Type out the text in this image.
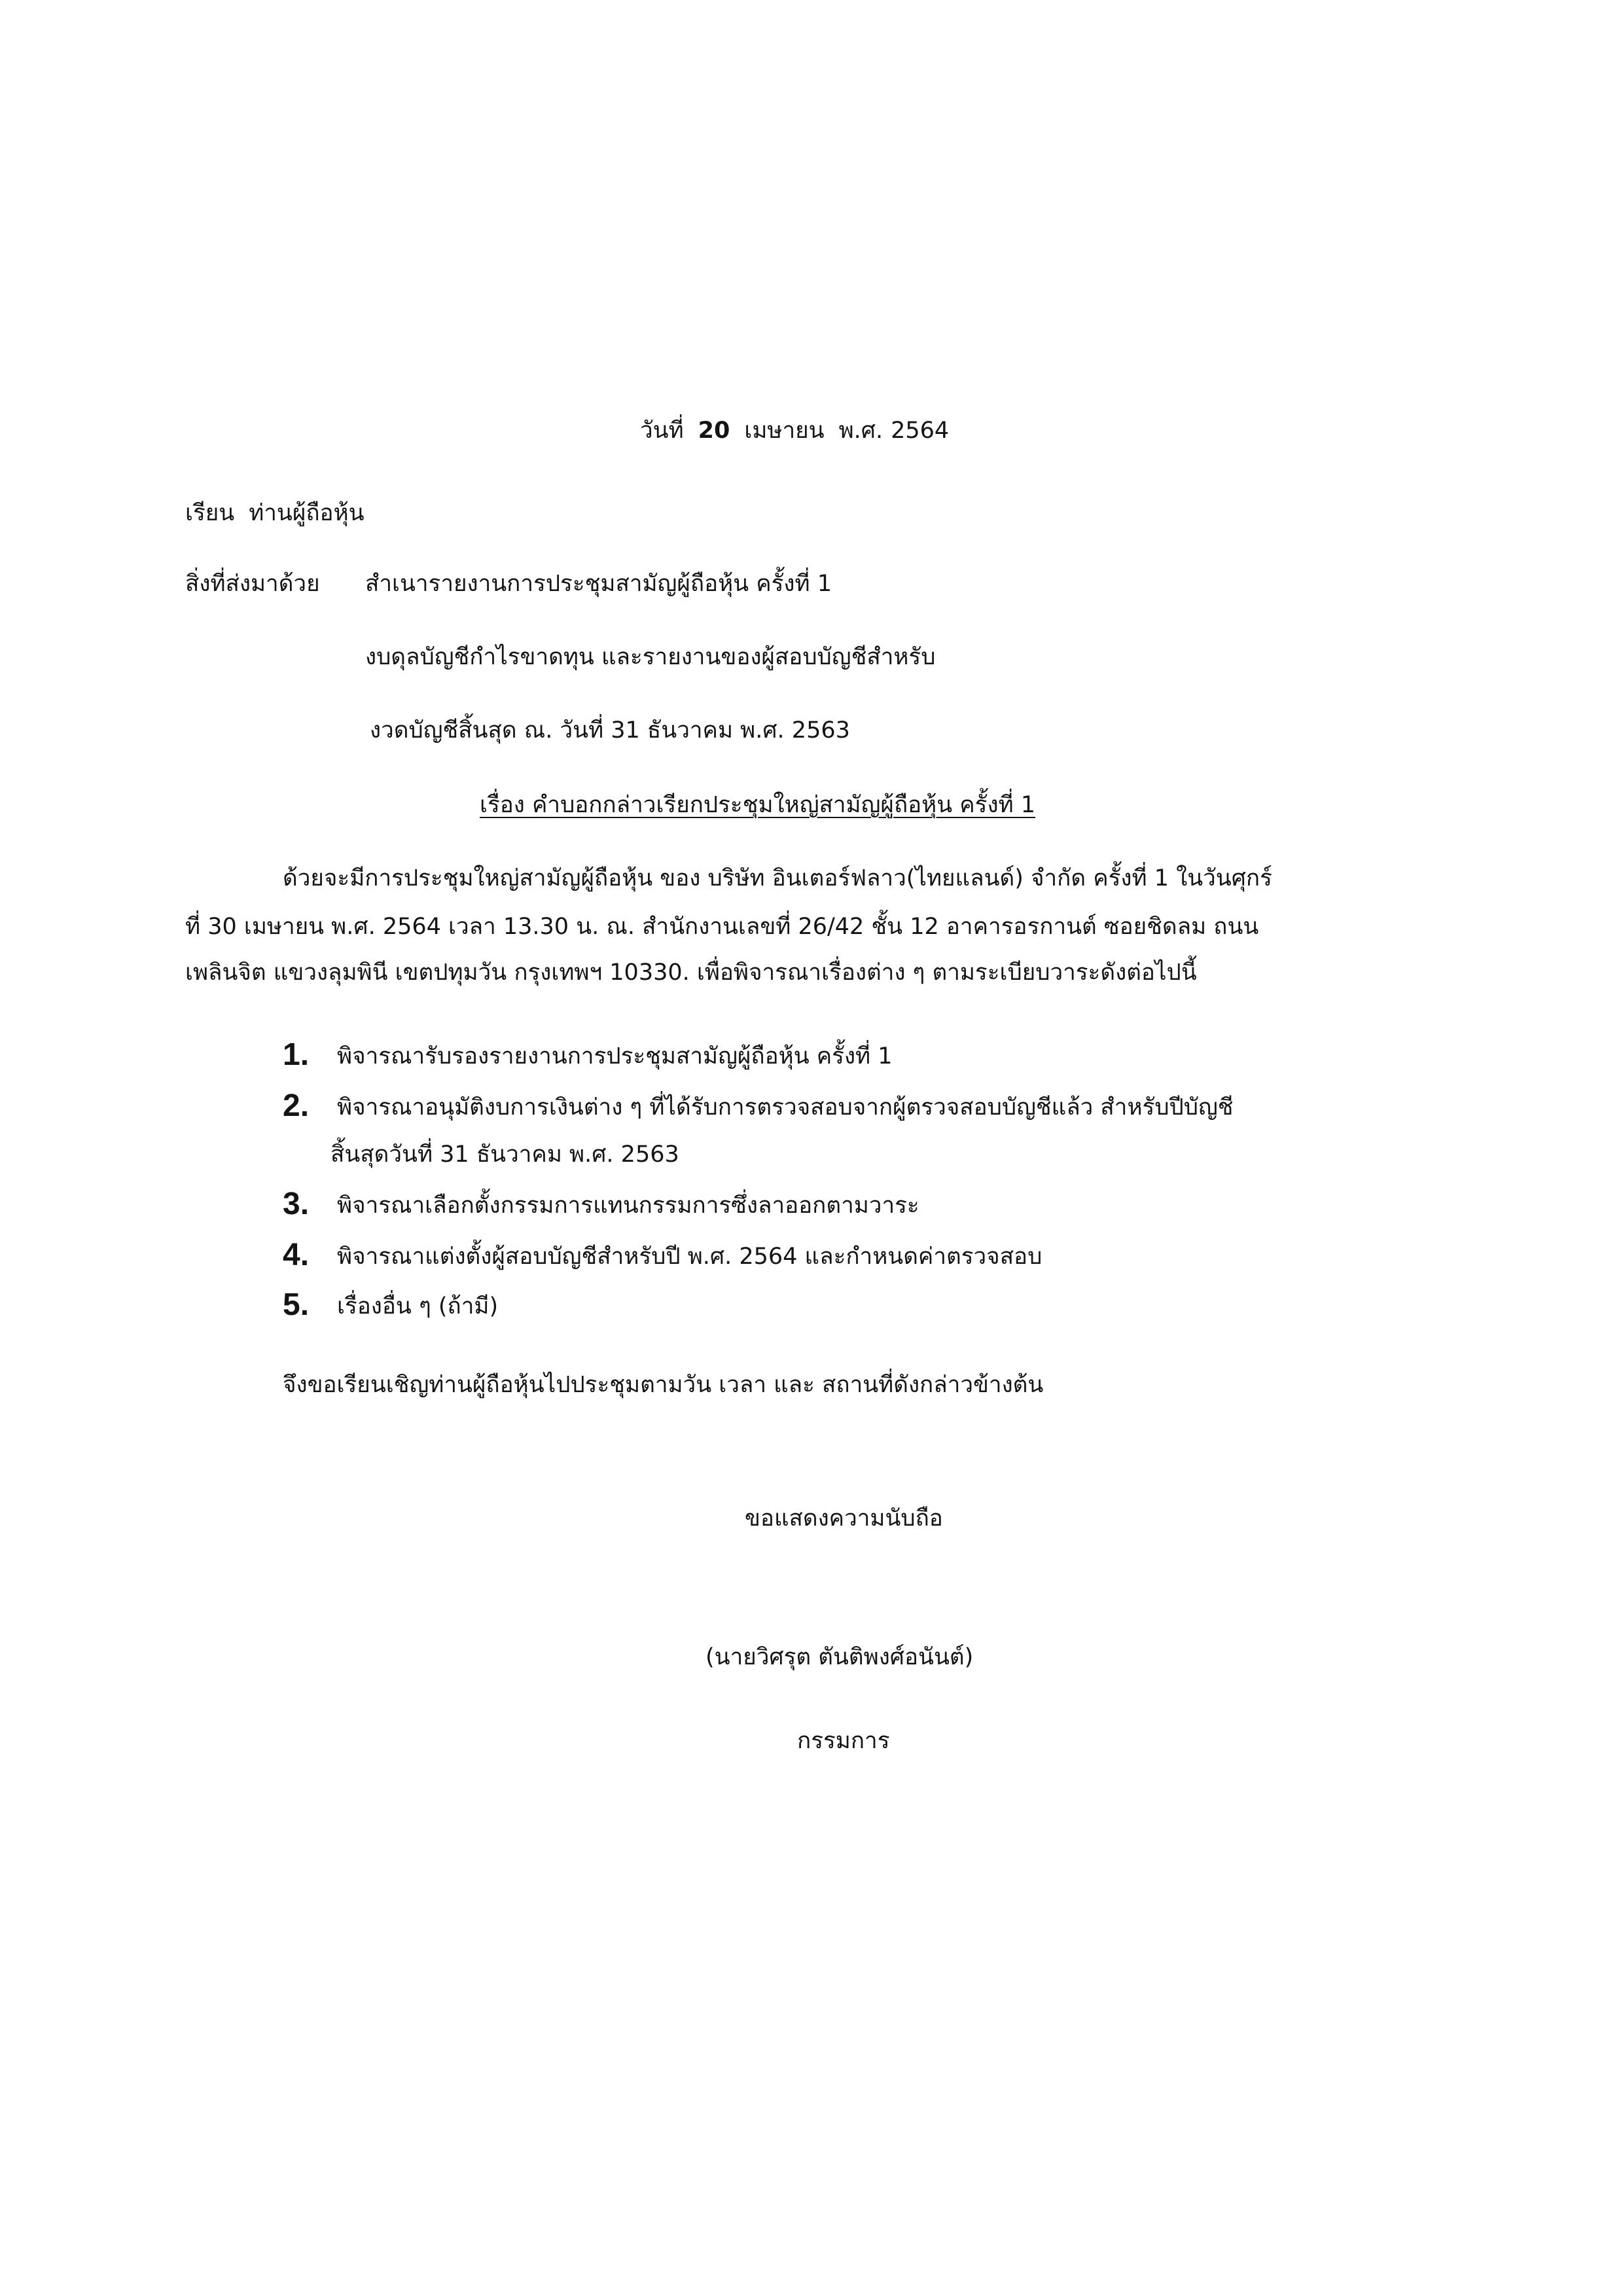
วันที่ 20 เมษายน พ.ศ. 2564
เรียน ท่านผู้ถือหุ้น
สิ่งที่ส่งมาด้วย สำเนารายงานการประชุมสามัญผู้ถือหุ้น ครั้งที่ 1
งบดุลบัญชีกำไรขาดทุน และรายงานของผู้สอบบัญชีสำหรับ
งวดบัญชีสิ้นสุด ณ. วันที่ 31 ธันวาคม พ.ศ. 2563
เรื่อง คำบอกกล่าวเรียกประชุมใหญ่สามัญผู้ถือหุ้น ครั้งที่ 1
ด้วยจะมีการประชุมใหญ่สามัญผู้ถือหุ้น ของ บริษัท อินเตอร์ฟลาว(ไทยแลนด์) จำกัด ครั้งที่ 1 ในวันศุกร์
ที่ 30 เมษายน พ.ศ. 2564 เวลา 13.30 น. ณ. สำนักงานเลขที่ 26/42 ชั้น 12 อาคารอรกานต์ ซอยชิดลม ถนน
เพลินจิต แขวงลุมพินี เขตปทุมวัน กรุงเทพฯ 10330. เพื่อพิจารณาเรื่องต่าง ๆ ตามระเบียบวาระดังต่อไปนี้
1. พิจารณารับรองรายงานการประชุมสามัญผู้ถือหุ้น ครั้งที่ 1
2. พิจารณาอนุมัติงบการเงินต่าง ๆ ที่ได้รับการตรวจสอบจากผู้ตรวจสอบบัญชีแล้ว สำหรับปีบัญชี
สิ้นสุดวันที่ 31 ธันวาคม พ.ศ. 2563
3. พิจารณาเลือกตั้งกรรมการแทนกรรมการซึ่งลาออกตามวาระ
4. พิจารณาแต่งตั้งผู้สอบบัญชีสำหรับปี พ.ศ. 2564 และกำหนดค่าตรวจสอบ
5. เรื่องอื่น ๆ (ถ้ามี)
จึงขอเรียนเชิญท่านผู้ถือหุ้นไปประชุมตามวัน เวลา และ สถานที่ดังกล่าวข้างต้น
ขอแสดงความนับถือ
(นายวิศรุต ตันติพงศ์อนันต์)
กรรมการ
